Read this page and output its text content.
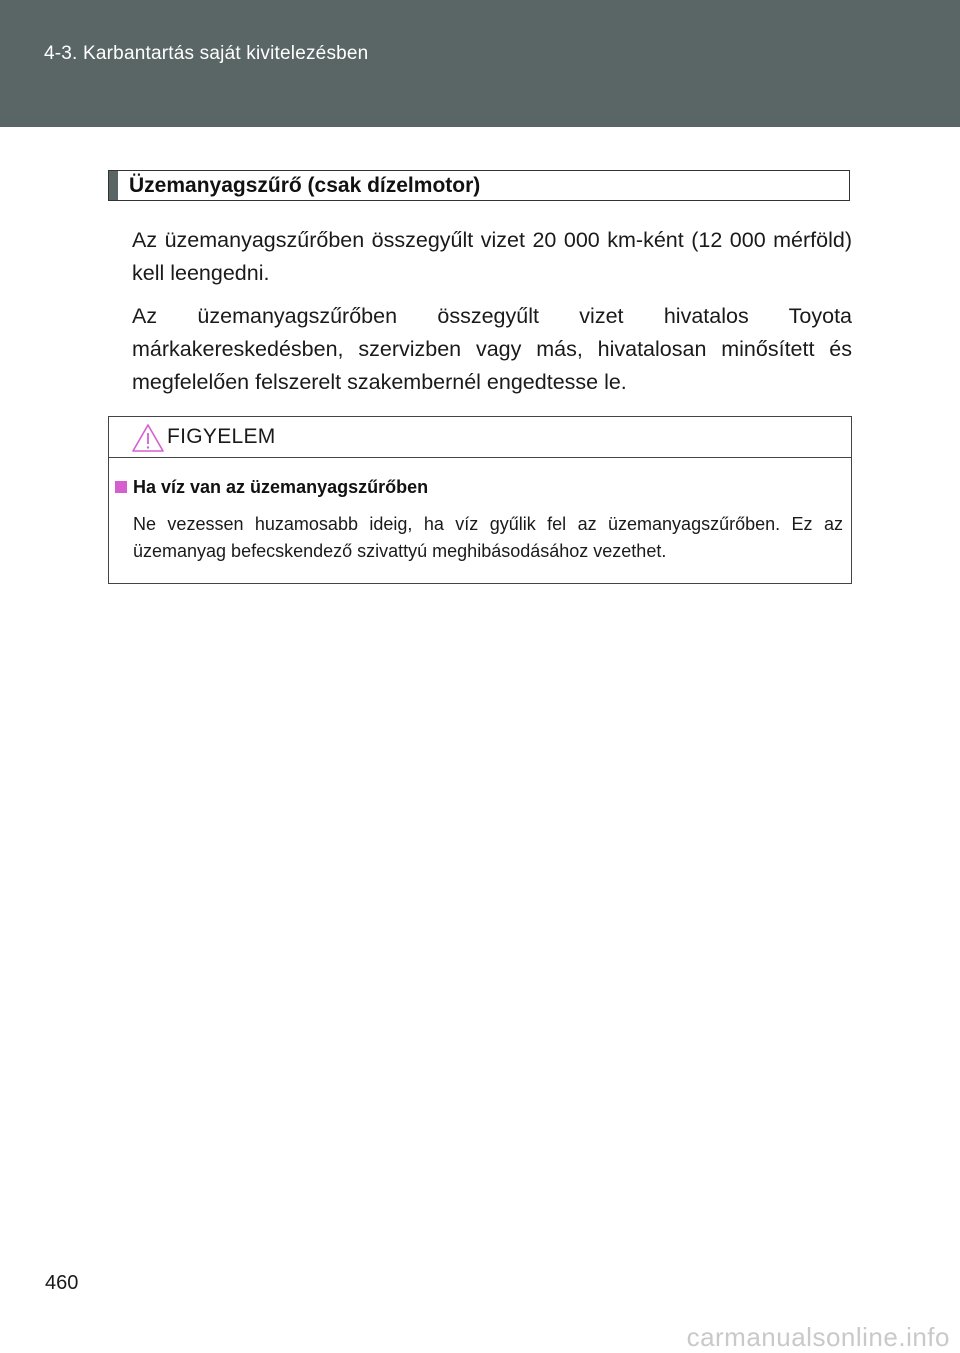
4-3. Karbantartás saját kivitelezésben
Üzemanyagszűrő (csak dízelmotor)
Az üzemanyagszűrőben összegyűlt vizet 20 000 km-ként (12 000 mérföld) kell leengedni.
Az üzemanyagszűrőben összegyűlt vizet hivatalos Toyota márkakereskedésben, szervizben vagy más, hivatalosan minősített és megfelelően felszerelt szakembernél engedtesse le.
FIGYELEM
Ha víz van az üzemanyagszűrőben
Ne vezessen huzamosabb ideig, ha víz gyűlik fel az üzemanyagszűrőben. Ez az üzemanyag befecskendező szivattyú meghibásodásához vezethet.
460
carmanualsonline.info
